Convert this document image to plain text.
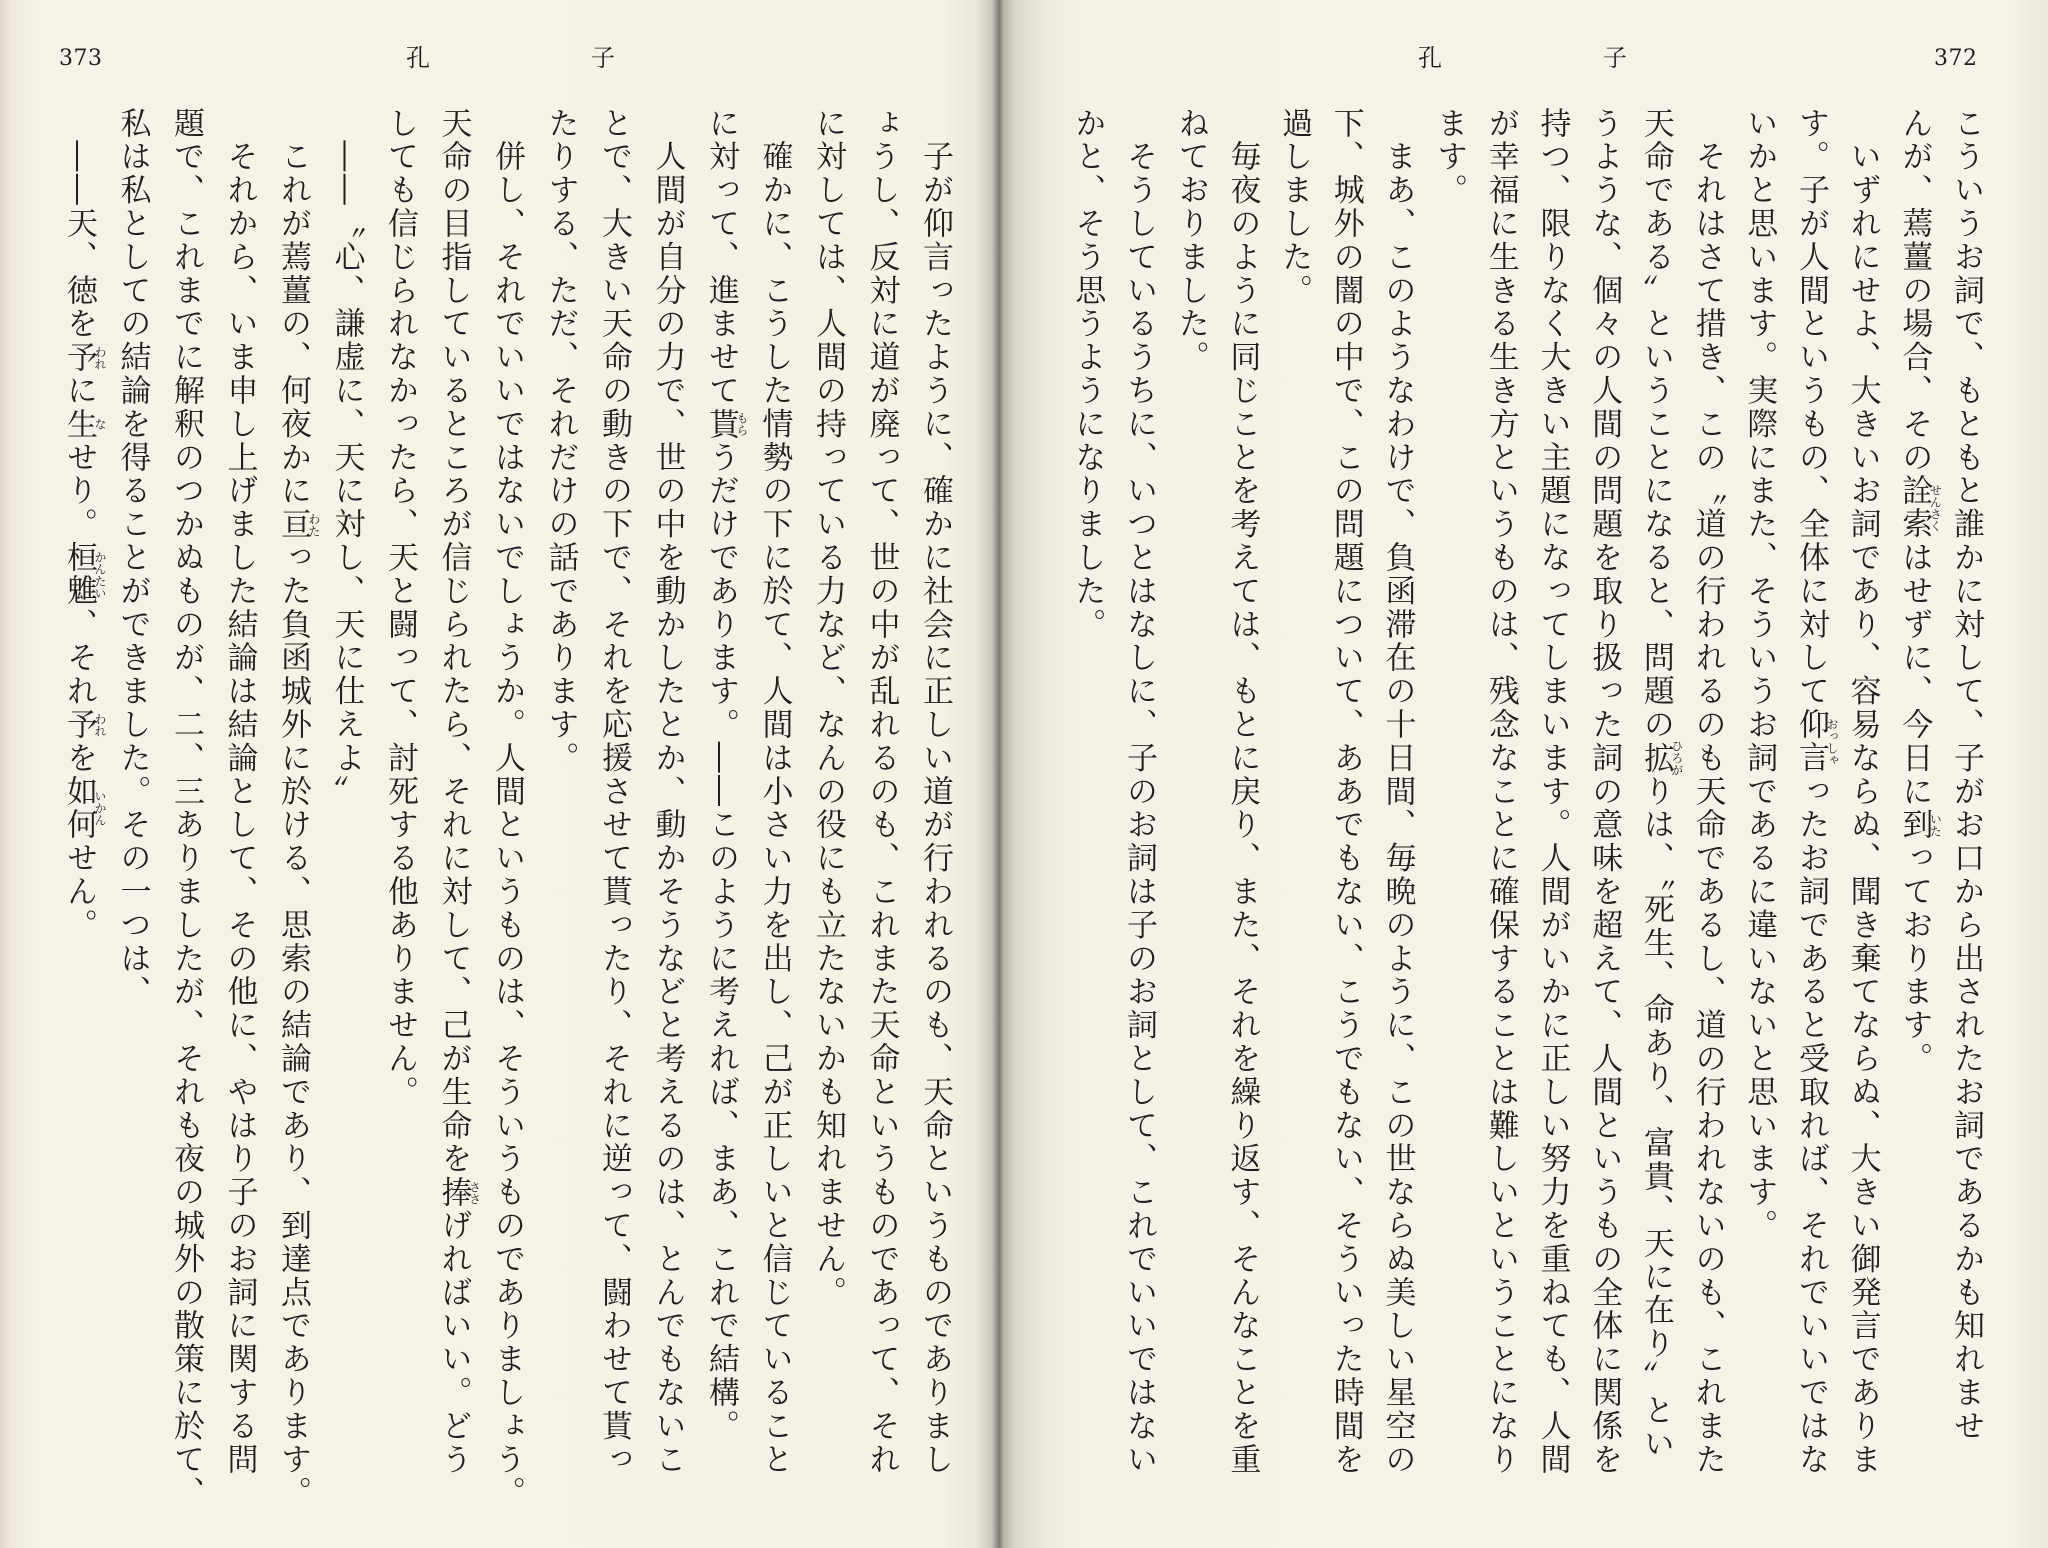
373	孔	子	孔	子	372
　子が仰言ったように、確かに社会に正しい道が行われるのも、天命というものでありまし
ょうし、反対に道が廃って、世の中が乱れるのも、これまた天命というものであって、それ
に対しては、人間の持っている力など、なんの役にも立たないかも知れません。
　確かに、こうした情勢の下に於て、人間は小さい力を出し、己が正しいと信じていること
に対って、進ませて貰
もら
うだけであります。――このように考えれば、まあ、これで結構。
　人間が自分の力で、世の中を動かしたとか、動かそうなどと考えるのは、とんでもないこ
とで、大きい天命の動きの下で、それを応援させて貰ったり、それに逆って、闘わせて貰っ
たりする、ただ、それだけの話であります。
　併し、それでいいではないでしょうか。人間というものは、そういうものでありましょう。
天命の目指しているところが信じられたら、それに対して、己が生命を捧
ささ
げればいい。どう
しても信じられなかったら、天と闘って、討死する他ありません。
　――〝心、謙虚に、天に対し、天に仕えよ〟
　これが蔫薑の、何夜かに亘
わた
った負函城外に於ける、思索の結論であり、到達点であります。
　それから、いま申し上げました結論は結論として、その他に、やはり子のお詞に関する問
題で、これまでに解釈のつかぬものが、二、三ありましたが、それも夜の城外の散策に於て、
私は私としての結論を得ることができました。その一つは、
　――天、徳を予
われ
に生
な
せり。桓魋
かんたい
、それ予
われ
を如何
いかん
せん。	こういうお詞で、もともと誰かに対して、子がお口から出されたお詞であるかも知れませ
んが、蔫薑の場合、その詮索
せんさく
はせずに、今日に到
いた
っております。
　いずれにせよ、大きいお詞であり、容易ならぬ、聞き棄てならぬ、大きい御発言でありま
す。子が人間というもの、全体に対して仰言
おっしゃ
ったお詞であると受取れば、それでいいではな
いかと思います。実際にまた、そういうお詞であるに違いないと思います。
　それはさて措き、この〝道の行われるのも天命であるし、道の行われないのも、これまた
天命である〟ということになると、問題の拡
ひろが
りは、〝死生、命あり、富貴、天に在り〟とい
うような、個々の人間の問題を取り扱った詞の意味を超えて、人間というもの全体に関係を
持つ、限りなく大きい主題になってしまいます。人間がいかに正しい努力を重ねても、人間
が幸福に生きる生き方というものは、残念なことに確保することは難しいということになり
ます。
　まあ、このようなわけで、負函滞在の十日間、毎晩のように、この世ならぬ美しい星空の
下、城外の闇の中で、この問題について、ああでもない、こうでもない、そういった時間を
過しました。
　毎夜のように同じことを考えては、もとに戻り、また、それを繰り返す、そんなことを重
ねておりました。
　そうしているうちに、いつとはなしに、子のお詞は子のお詞として、これでいいではない
かと、そう思うようになりました。
